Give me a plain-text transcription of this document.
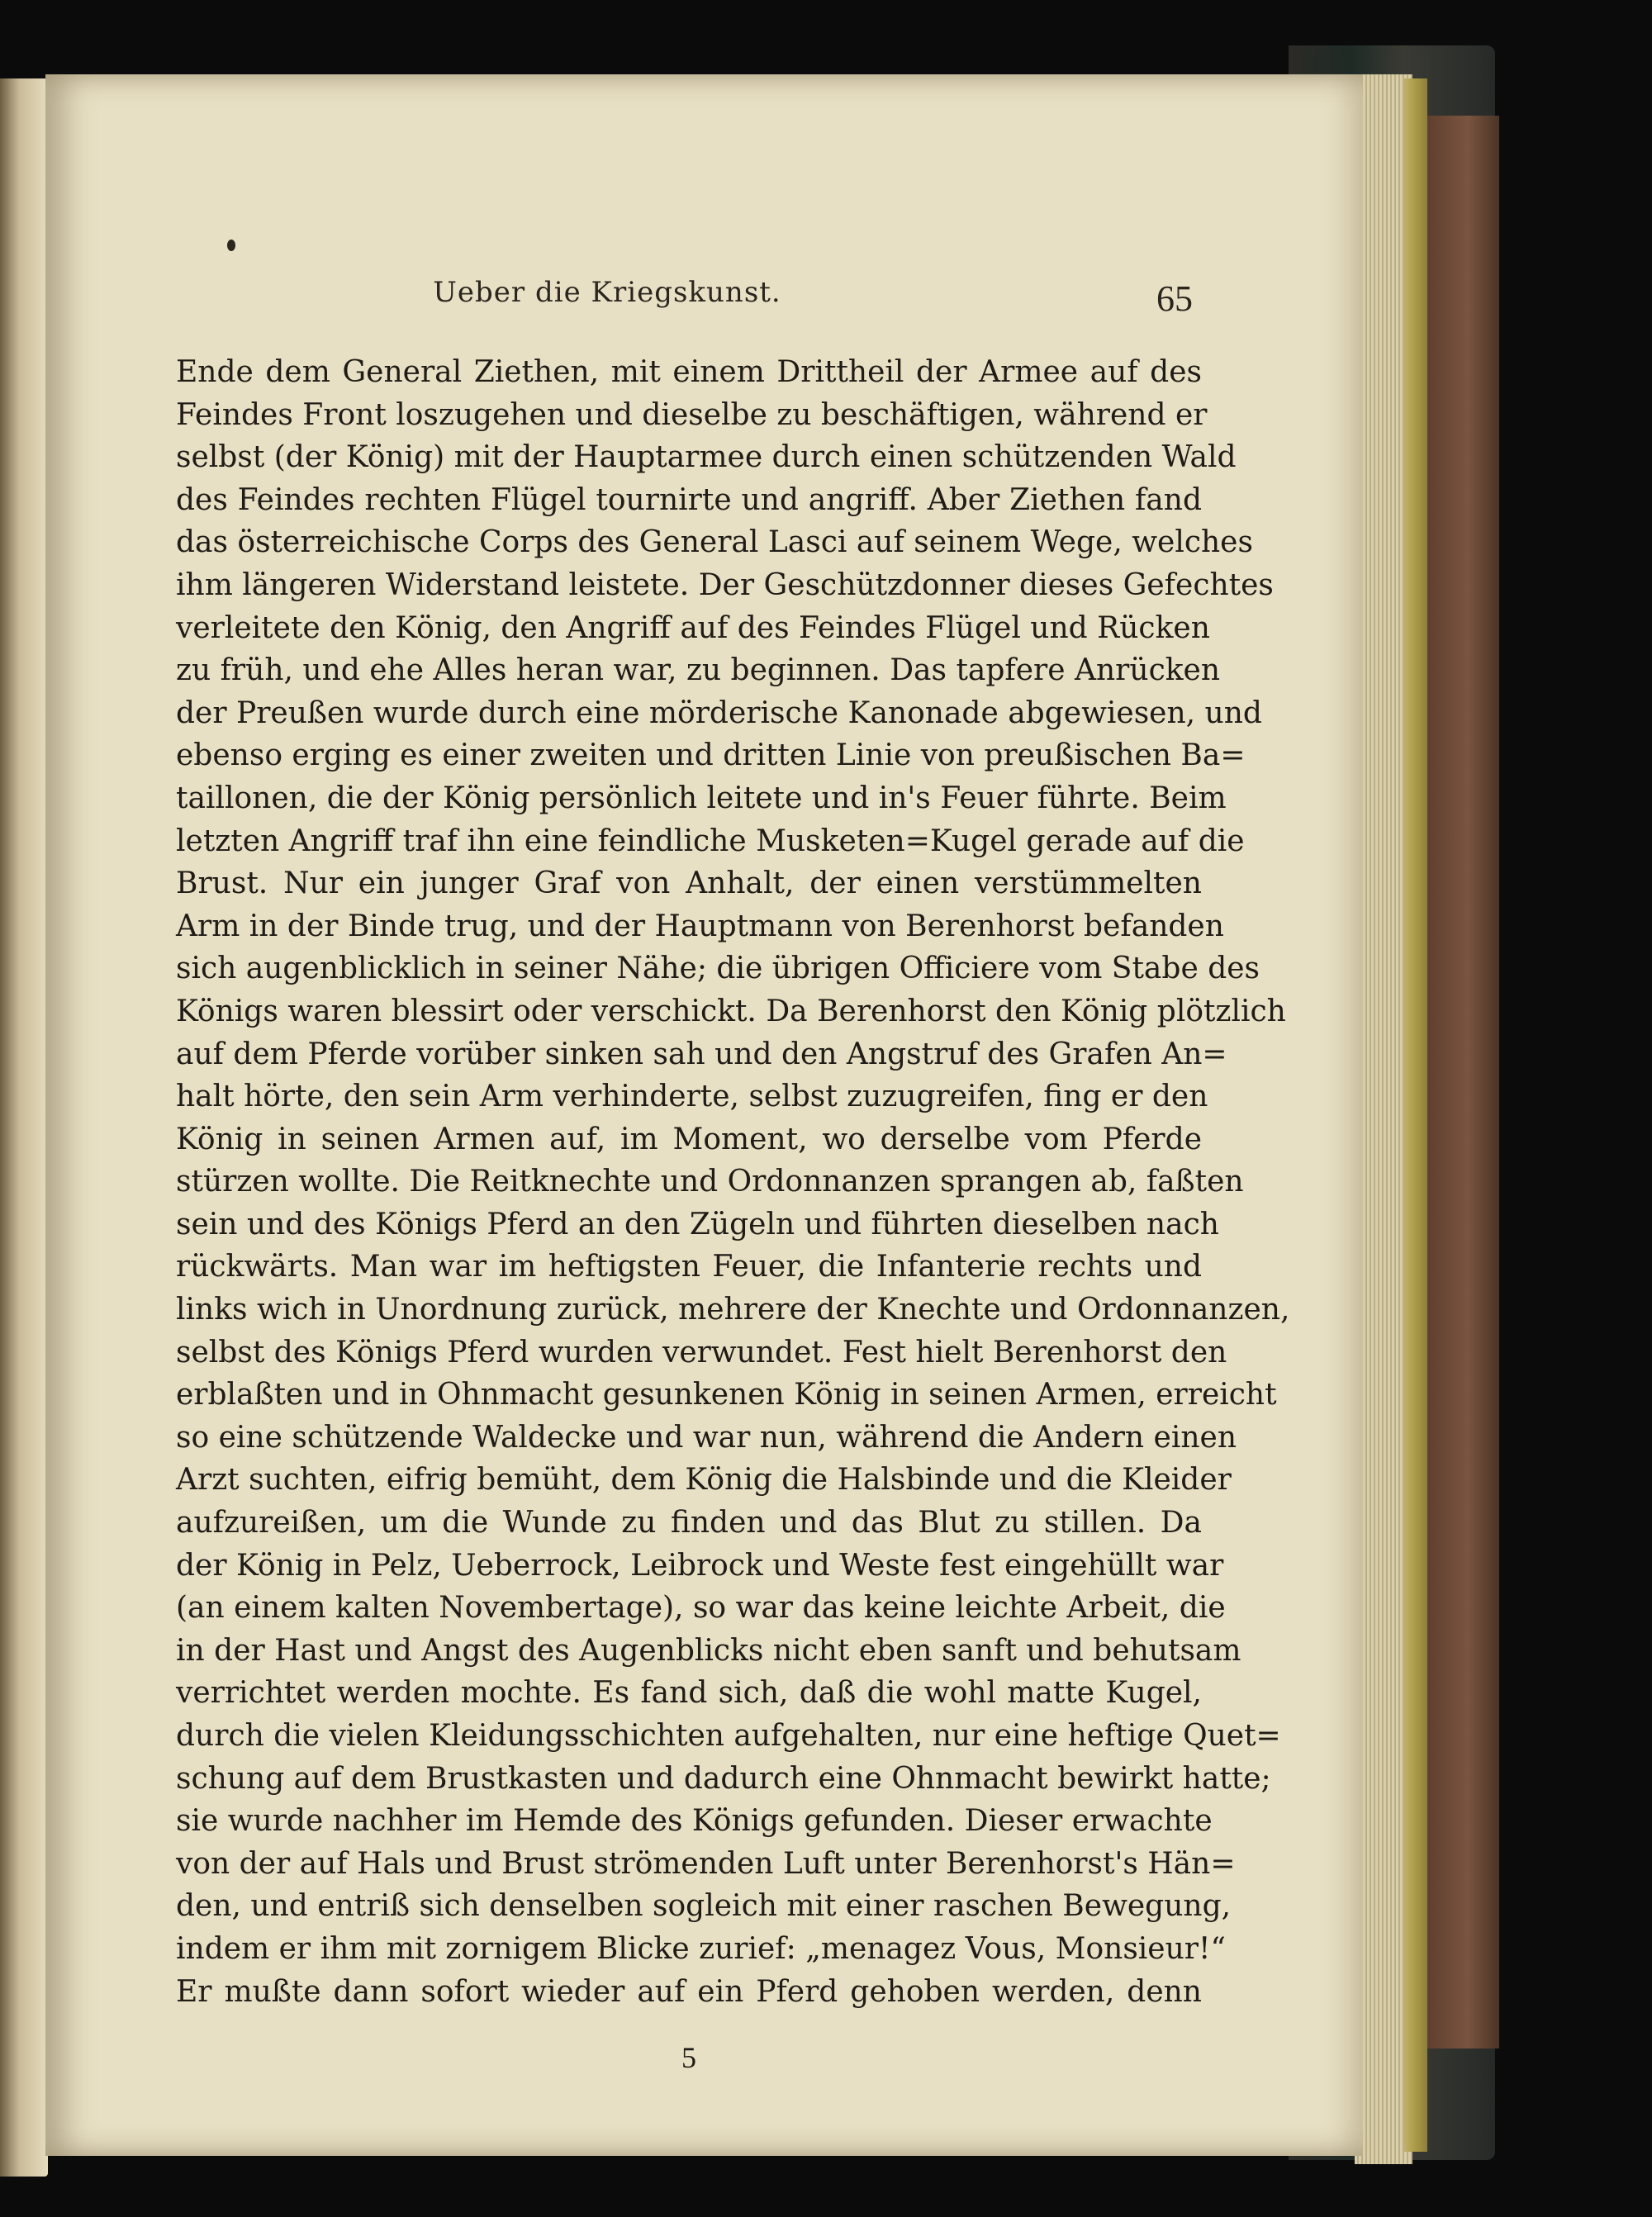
Ueber die Kriegskunst.	65
Ende dem General Ziethen, mit einem Drittheil der Armee auf des
Feindes Front loszugehen und dieselbe zu beschäftigen, während er
selbst (der König) mit der Hauptarmee durch einen schützenden Wald
des Feindes rechten Flügel tournirte und angriff. Aber Ziethen fand
das österreichische Corps des General Lasci auf seinem Wege, welches
ihm längeren Widerstand leistete. Der Geschützdonner dieses Gefechtes
verleitete den König, den Angriff auf des Feindes Flügel und Rücken
zu früh, und ehe Alles heran war, zu beginnen. Das tapfere Anrücken
der Preußen wurde durch eine mörderische Kanonade abgewiesen, und
ebenso erging es einer zweiten und dritten Linie von preußischen Ba=
taillonen, die der König persönlich leitete und in's Feuer führte. Beim
letzten Angriff traf ihn eine feindliche Musketen=Kugel gerade auf die
Brust. Nur ein junger Graf von Anhalt, der einen verstümmelten
Arm in der Binde trug, und der Hauptmann von Berenhorst befanden
sich augenblicklich in seiner Nähe; die übrigen Officiere vom Stabe des
Königs waren blessirt oder verschickt. Da Berenhorst den König plötzlich
auf dem Pferde vorüber sinken sah und den Angstruf des Grafen An=
halt hörte, den sein Arm verhinderte, selbst zuzugreifen, fing er den
König in seinen Armen auf, im Moment, wo derselbe vom Pferde
stürzen wollte. Die Reitknechte und Ordonnanzen sprangen ab, faßten
sein und des Königs Pferd an den Zügeln und führten dieselben nach
rückwärts. Man war im heftigsten Feuer, die Infanterie rechts und
links wich in Unordnung zurück, mehrere der Knechte und Ordonnanzen,
selbst des Königs Pferd wurden verwundet. Fest hielt Berenhorst den
erblaßten und in Ohnmacht gesunkenen König in seinen Armen, erreicht
so eine schützende Waldecke und war nun, während die Andern einen
Arzt suchten, eifrig bemüht, dem König die Halsbinde und die Kleider
aufzureißen, um die Wunde zu finden und das Blut zu stillen. Da
der König in Pelz, Ueberrock, Leibrock und Weste fest eingehüllt war
(an einem kalten Novembertage), so war das keine leichte Arbeit, die
in der Hast und Angst des Augenblicks nicht eben sanft und behutsam
verrichtet werden mochte. Es fand sich, daß die wohl matte Kugel,
durch die vielen Kleidungsschichten aufgehalten, nur eine heftige Quet=
schung auf dem Brustkasten und dadurch eine Ohnmacht bewirkt hatte;
sie wurde nachher im Hemde des Königs gefunden. Dieser erwachte
von der auf Hals und Brust strömenden Luft unter Berenhorst's Hän=
den, und entriß sich denselben sogleich mit einer raschen Bewegung,
indem er ihm mit zornigem Blicke zurief: „menagez Vous, Monsieur!“
Er mußte dann sofort wieder auf ein Pferd gehoben werden, denn
5
